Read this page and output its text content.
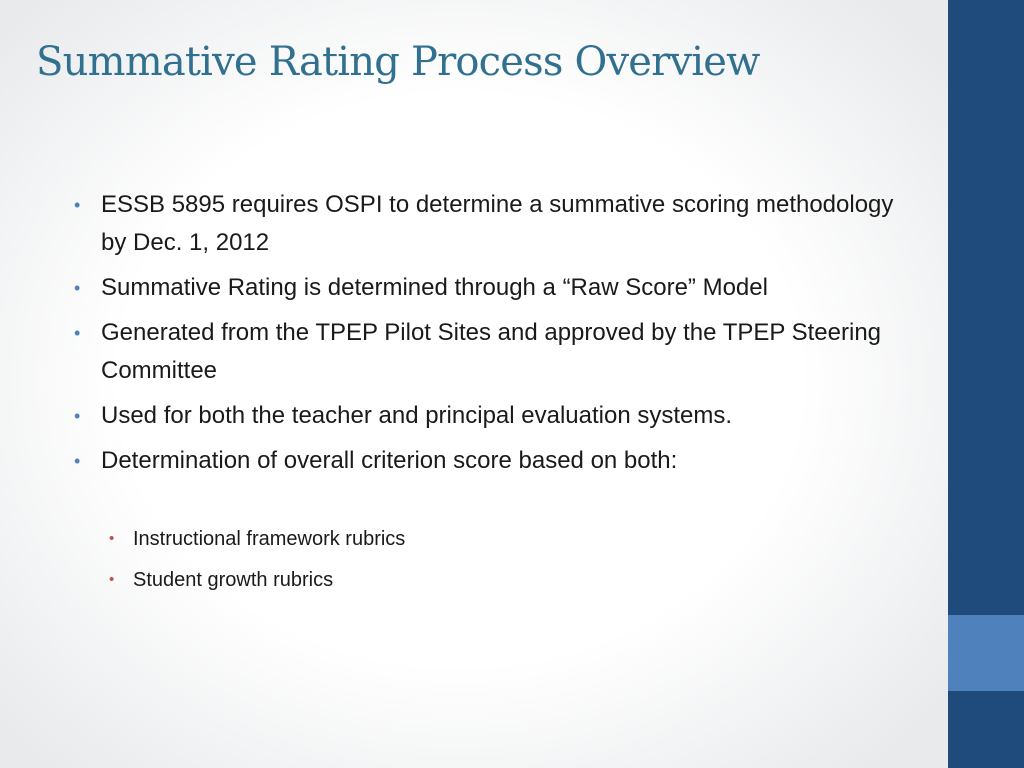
Summative Rating Process Overview
• ESSB 5895 requires OSPI to determine a summative scoring methodology by Dec. 1, 2012
• Summative Rating is determined through a “Raw Score” Model
• Generated from the TPEP Pilot Sites and approved by the TPEP Steering Committee
• Used for both the teacher and principal evaluation systems.
• Determination of overall criterion score based on both:
• Instructional framework rubrics
• Student growth rubrics
